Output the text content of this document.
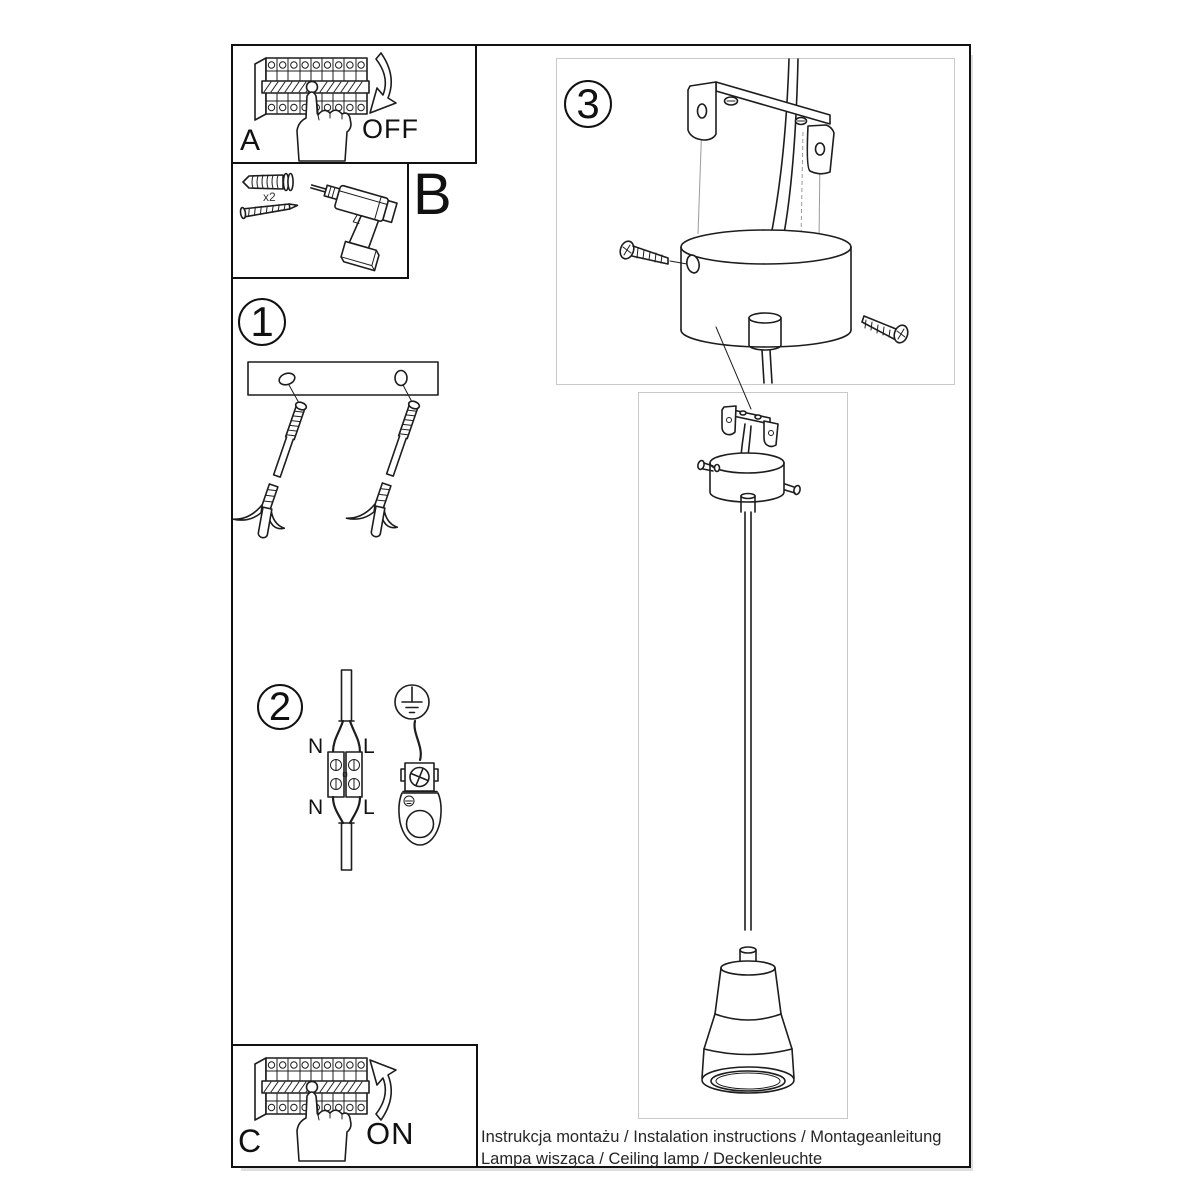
A	OFF
B
x2
1
2
3
N L
N L
C	ON	Instrukcja montażu / Instalation instructions / Montageanleitung
Lampa wisząca / Ceiling lamp / Deckenleuchte
